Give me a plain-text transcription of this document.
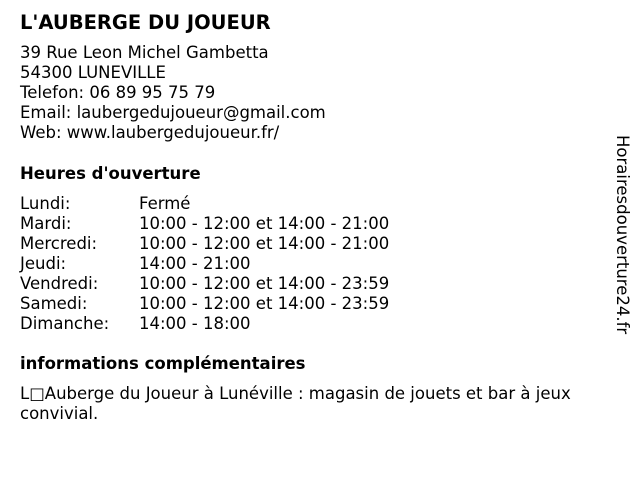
L'AUBERGE DU JOUEUR
39 Rue Leon Michel Gambetta
54300 LUNEVILLE
Telefon: 06 89 95 75 79
Email: laubergedujoueur@gmail.com
Web: www.laubergedujoueur.fr/
Heures d'ouverture
Lundi:	Fermé
Mardi:	10:00 - 12:00 et 14:00 - 21:00
Mercredi:	10:00 - 12:00 et 14:00 - 21:00
Jeudi:	14:00 - 21:00
Vendredi: 10:00 - 12:00 et 14:00 - 23:59
Samedi:	10:00 - 12:00 et 14:00 - 23:59
Dimanche: 14:00 - 18:00
informations complémentaires
L□Auberge du Joueur à Lunéville : magasin de jouets et bar à jeux convivial.
Horairesdouverture24.fr
